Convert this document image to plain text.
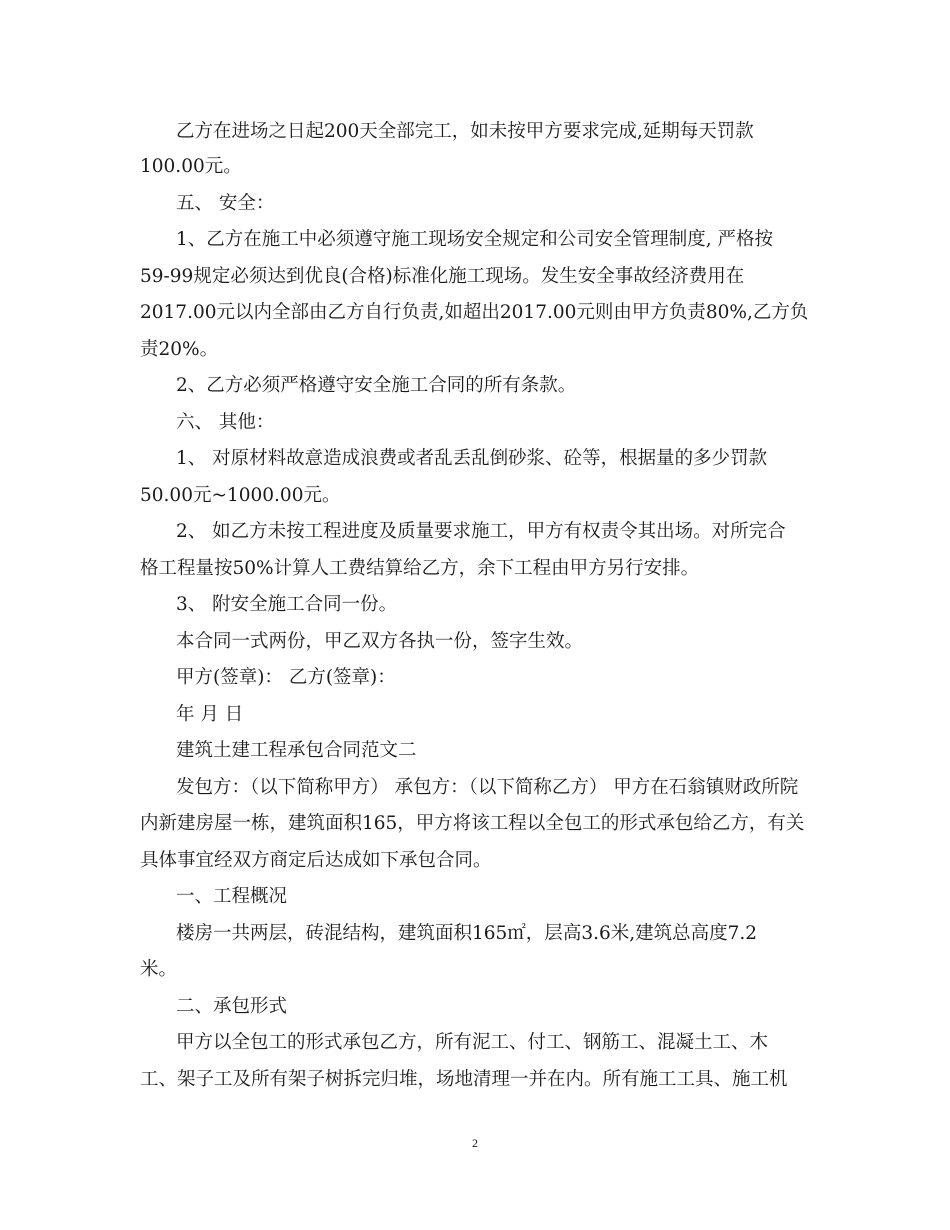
乙方在进场之日起200天全部完工，如未按甲方要求完成,延期每天罚款
100.00元。
五、 安全：
1、乙方在施工中必须遵守施工现场安全规定和公司安全管理制度, 严格按
59-99规定必须达到优良(合格)标准化施工现场。发生安全事故经济费用在
2017.00元以内全部由乙方自行负责,如超出2017.00元则由甲方负责80%,乙方负
责20%。
2、乙方必须严格遵守安全施工合同的所有条款。
六、 其他：
1、 对原材料故意造成浪费或者乱丢乱倒砂浆、砼等，根据量的多少罚款
50.00元~1000.00元。
2、 如乙方未按工程进度及质量要求施工，甲方有权责令其出场。对所完合
格工程量按50%计算人工费结算给乙方，余下工程由甲方另行安排。
3、 附安全施工合同一份。
本合同一式两份，甲乙双方各执一份，签字生效。
甲方(签章)： 乙方(签章)：
年 月 日
建筑土建工程承包合同范文二
发包方：（以下简称甲方） 承包方：（以下简称乙方） 甲方在石翁镇财政所院
内新建房屋一栋，建筑面积165，甲方将该工程以全包工的形式承包给乙方，有关
具体事宜经双方商定后达成如下承包合同。
一、工程概况
楼房一共两层，砖混结构，建筑面积165㎡，层高3.6米,建筑总高度7.2
米。
二、承包形式
甲方以全包工的形式承包乙方，所有泥工、付工、钢筋工、混凝土工、木
工、架子工及所有架子树拆完归堆，场地清理一并在内。所有施工工具、施工机
2
